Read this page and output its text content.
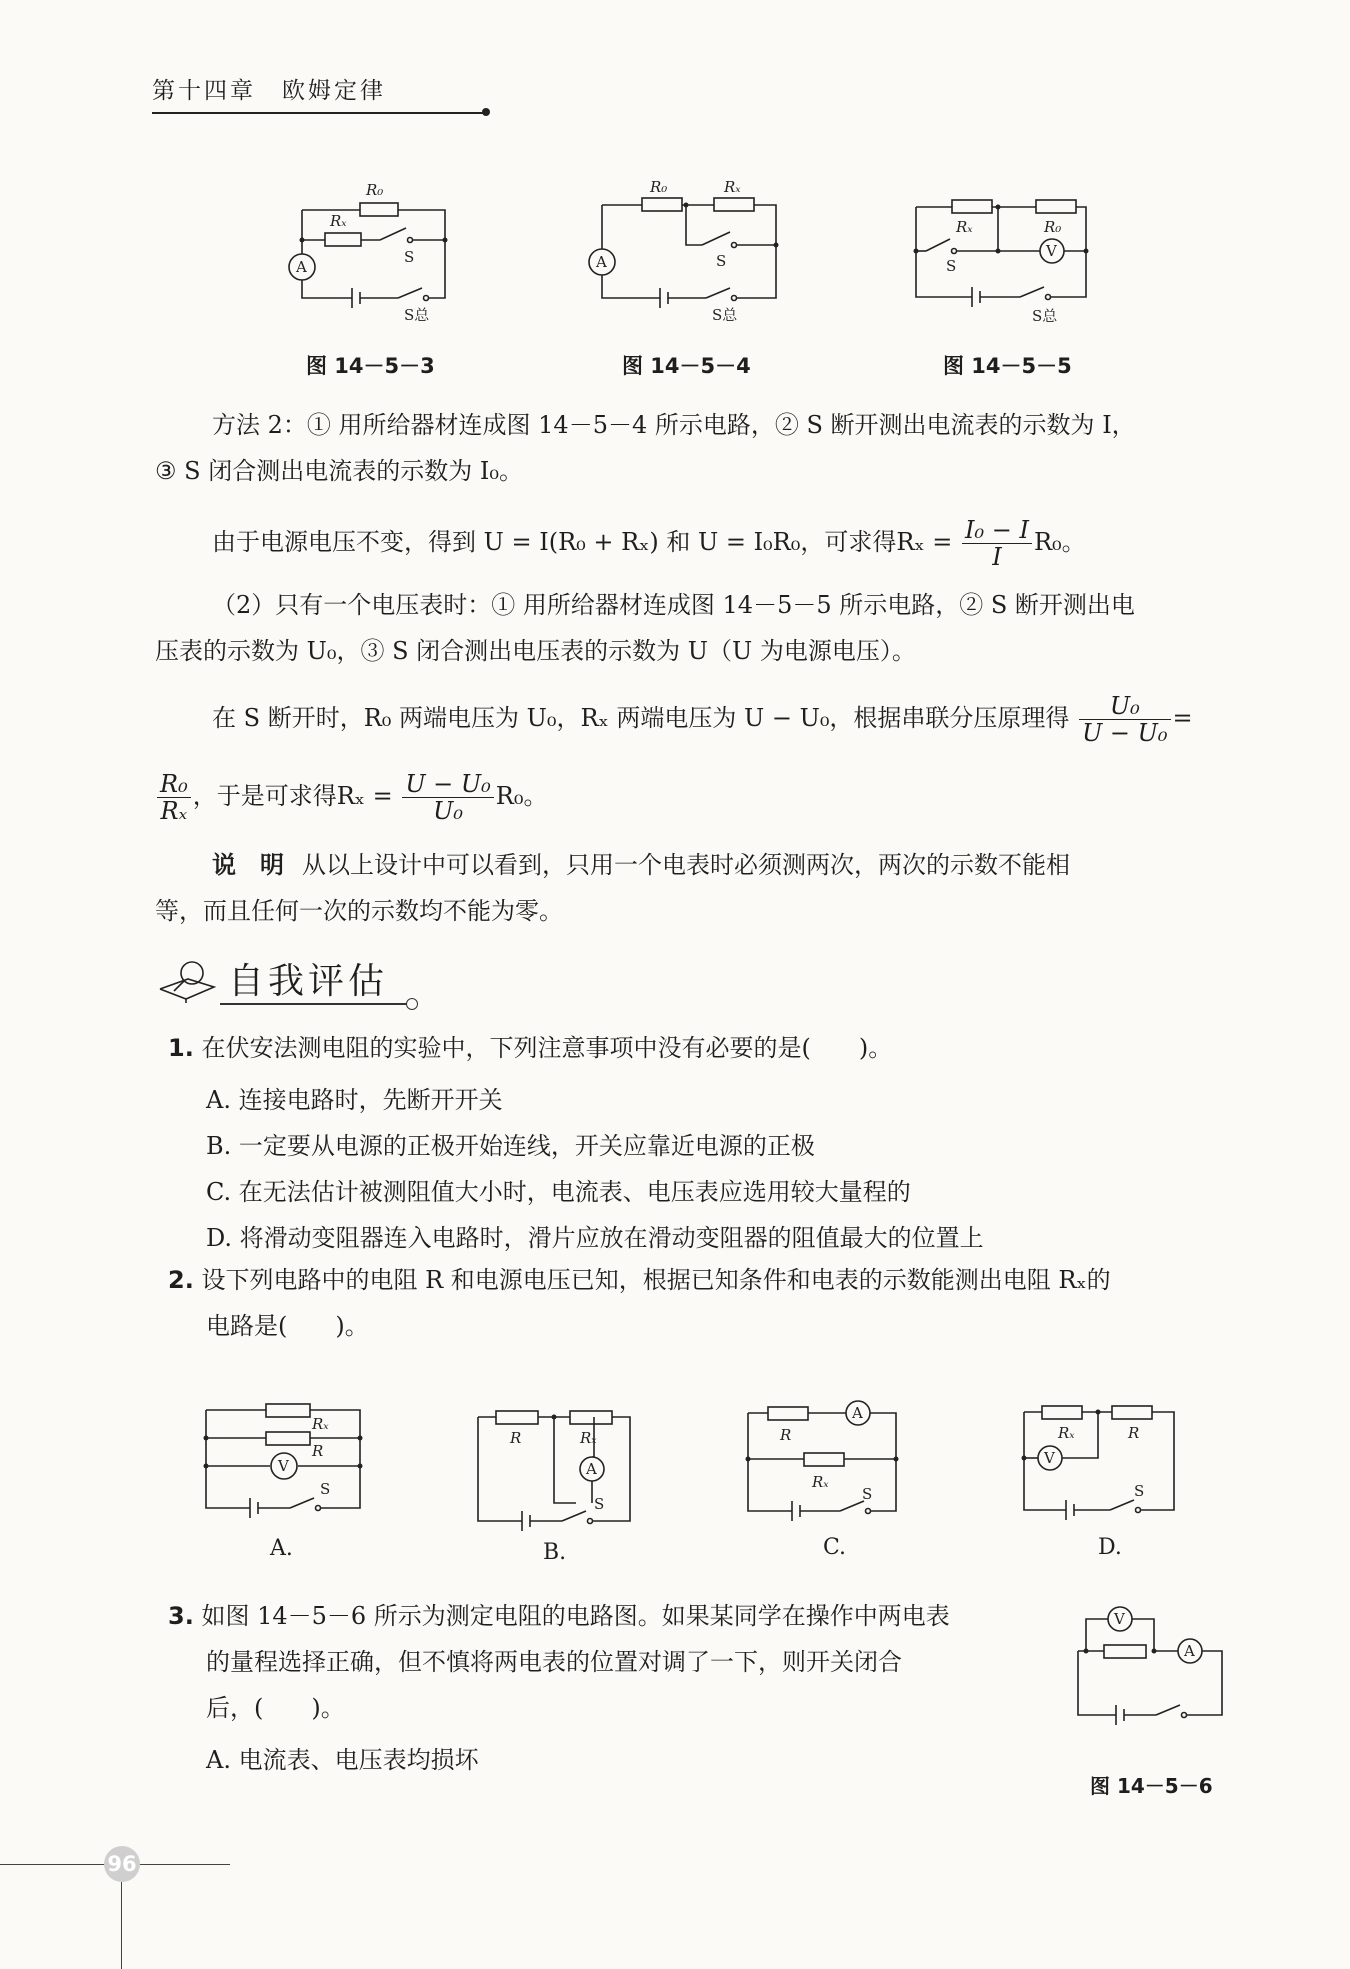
第十四章　欧姆定律
A
R₀
Rₓ
S
S总
图 14－5－3
A
R₀	Rₓ
S
S总
图 14－5－4
V
Rₓ	R₀
S
S总
图 14－5－5
方法 2：① 用所给器材连成图 14－5－4 所示电路，② S 断开测出电流表的示数为 I，
③ S 闭合测出电流表的示数为 I₀。
由于电源电压不变，得到 U = I(R₀ + Rₓ) 和 U = I₀R₀，可求得$R_x = \frac{\text{I₀ − I}}{I} R_0$。
（2）只有一个电压表时：① 用所给器材连成图 14－5－5 所示电路，② S 断开测出电
压表的示数为 U₀，③ S 闭合测出电压表的示数为 U（U 为电源电压）。
在 S 断开时，R₀ 两端电压为 U₀，Rₓ 两端电压为 U − U₀，根据串联分压原理得 $\frac{\text{U₀}}{\text{U − U₀}}$ =
$\frac{\text{R₀}}{\text{Rₓ}}$ ，于是可求得$R_x = \frac{\text{U − U₀}}{\text{U₀}} R_0$。
说　明 从以上设计中可以看到，只用一个电表时必须测两次，两次的示数不能相
等，而且任何一次的示数均不能为零。
自我评估
1. 在伏安法测电阻的实验中，下列注意事项中没有必要的是(　　)。
A. 连接电路时，先断开开关
B. 一定要从电源的正极开始连线，开关应靠近电源的正极
C. 在无法估计被测阻值大小时，电流表、电压表应选用较大量程的
D. 将滑动变阻器连入电路时，滑片应放在滑动变阻器的阻值最大的位置上
2. 设下列电路中的电阻 R 和电源电压已知，根据已知条件和电表的示数能测出电阻 Rₓ的
电路是(　　)。
V
Rₓ
R
S
A.
A
R	Rₓ
S
B.
A
R
Rₓ
S
C.
V
Rₓ	R
S
D.
3. 如图 14－5－6 所示为测定电阻的电路图。如果某同学在操作中两电表
的量程选择正确，但不慎将两电表的位置对调了一下，则开关闭合
后，(　　)。
A. 电流表、电压表均损坏
V
A
图 14－5－6
96
